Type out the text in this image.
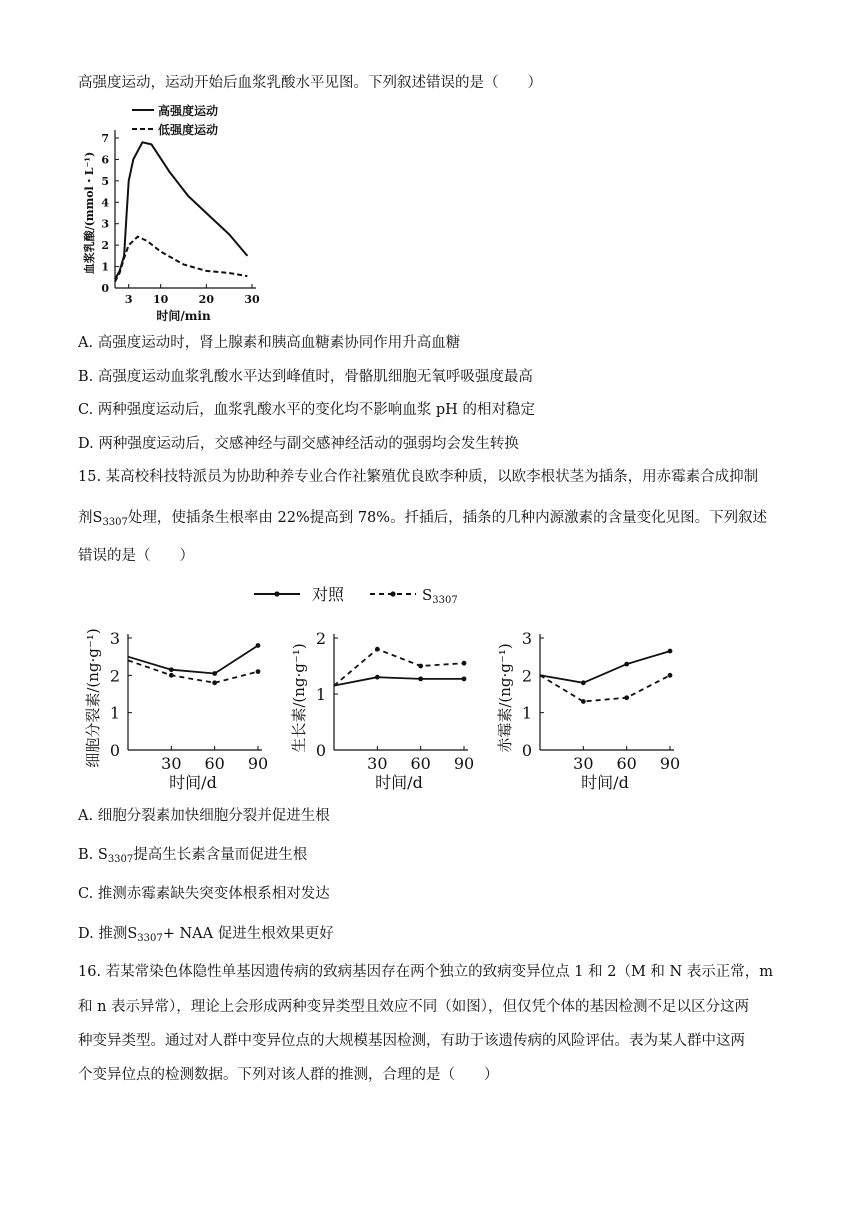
高强度运动，运动开始后血浆乳酸水平见图。下列叙述错误的是（　　）
高强度运动
低强度运动
0
1
2
3
4
5
6
7
3 10	20	30
时间/min
血浆乳酸/(mmol・L⁻¹)
A. 高强度运动时，肾上腺素和胰高血糖素协同作用升高血糖
B. 高强度运动血浆乳酸水平达到峰值时，骨骼肌细胞无氧呼吸强度最高
C. 两种强度运动后，血浆乳酸水平的变化均不影响血浆 pH 的相对稳定
D. 两种强度运动后，交感神经与副交感神经活动的强弱均会发生转换
15. 某高校科技特派员为协助种养专业合作社繁殖优良欧李种质，以欧李根状茎为插条，用赤霉素合成抑制
剂$S_{3307}$处理，使插条生根率由 22%提高到 78%。扦插后，插条的几种内源激素的含量变化见图。下列叙述
错误的是（　　）
对照	$S_{3307}$
0
1
2
3
30 60 90
时间/d
细胞分裂素/(ng·g⁻¹)	0
1
2
30 60 90
时间/d
生长素/(ng·g⁻¹)	0
1
2
3
30 60 90
时间/d
赤霉素/(ng·g⁻¹)
A. 细胞分裂素加快细胞分裂并促进生根
B. $S_{3307}$提高生长素含量而促进生根
C. 推测赤霉素缺失突变体根系相对发达
D. 推测$S_{3307}+$ NAA 促进生根效果更好
16. 若某常染色体隐性单基因遗传病的致病基因存在两个独立的致病变异位点 1 和 2（M 和 N 表示正常，m
和 n 表示异常），理论上会形成两种变异类型且效应不同（如图），但仅凭个体的基因检测不足以区分这两
种变异类型。通过对人群中变异位点的大规模基因检测，有助于该遗传病的风险评估。表为某人群中这两
个变异位点的检测数据。下列对该人群的推测，合理的是（　　）
